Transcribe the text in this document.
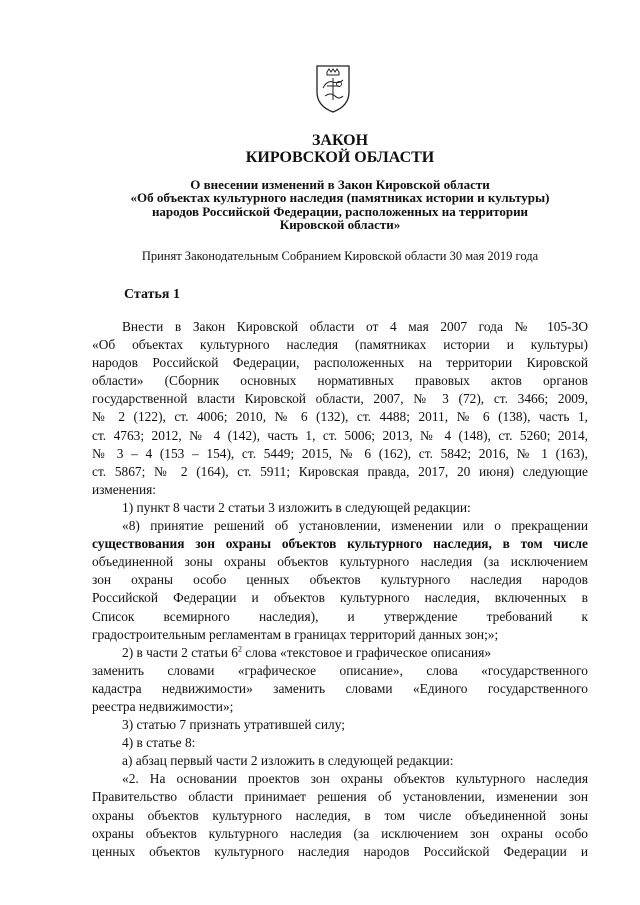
ЗАКОН
КИРОВСКОЙ ОБЛАСТИ
О внесении изменений в Закон Кировской области
«Об объектах культурного наследия (памятниках истории и культуры)
народов Российской Федерации, расположенных на территории
Кировской области»
Принят Законодательным Собранием Кировской области 30 мая 2019 года
Статья 1
Внести в Закон Кировской области от 4 мая 2007 года № 105-ЗО
«Об объектах культурного наследия (памятниках истории и культуры)
народов Российской Федерации, расположенных на территории Кировской
области» (Сборник основных нормативных правовых актов органов
государственной власти Кировской области, 2007, № 3 (72), ст. 3466; 2009,
№ 2 (122), ст. 4006; 2010, № 6 (132), ст. 4488; 2011, № 6 (138), часть 1,
ст. 4763; 2012, № 4 (142), часть 1, ст. 5006; 2013, № 4 (148), ст. 5260; 2014,
№ 3 – 4 (153 – 154), ст. 5449; 2015, № 6 (162), ст. 5842; 2016, № 1 (163),
ст. 5867; № 2 (164), ст. 5911; Кировская правда, 2017, 20 июня) следующие
изменения:
1) пункт 8 части 2 статьи 3 изложить в следующей редакции:
«8) принятие решений об установлении, изменении или о прекращении
существования зон охраны объектов культурного наследия, в том числе
объединенной зоны охраны объектов культурного наследия (за исключением
зон охраны особо ценных объектов культурного наследия народов
Российской Федерации и объектов культурного наследия, включенных в
Список всемирного наследия), и утверждение требований к
градостроительным регламентам в границах территорий данных зон;»;
2) в части 2 статьи $6^2$ слова «текстовое и графическое описания»
заменить словами «графическое описание», слова «государственного
кадастра недвижимости» заменить словами «Единого государственного
реестра недвижимости»;
3) статью 7 признать утратившей силу;
4) в статье 8:
а) абзац первый части 2 изложить в следующей редакции:
«2. На основании проектов зон охраны объектов культурного наследия
Правительство области принимает решения об установлении, изменении зон
охраны объектов культурного наследия, в том числе объединенной зоны
охраны объектов культурного наследия (за исключением зон охраны особо
ценных объектов культурного наследия народов Российской Федерации и
